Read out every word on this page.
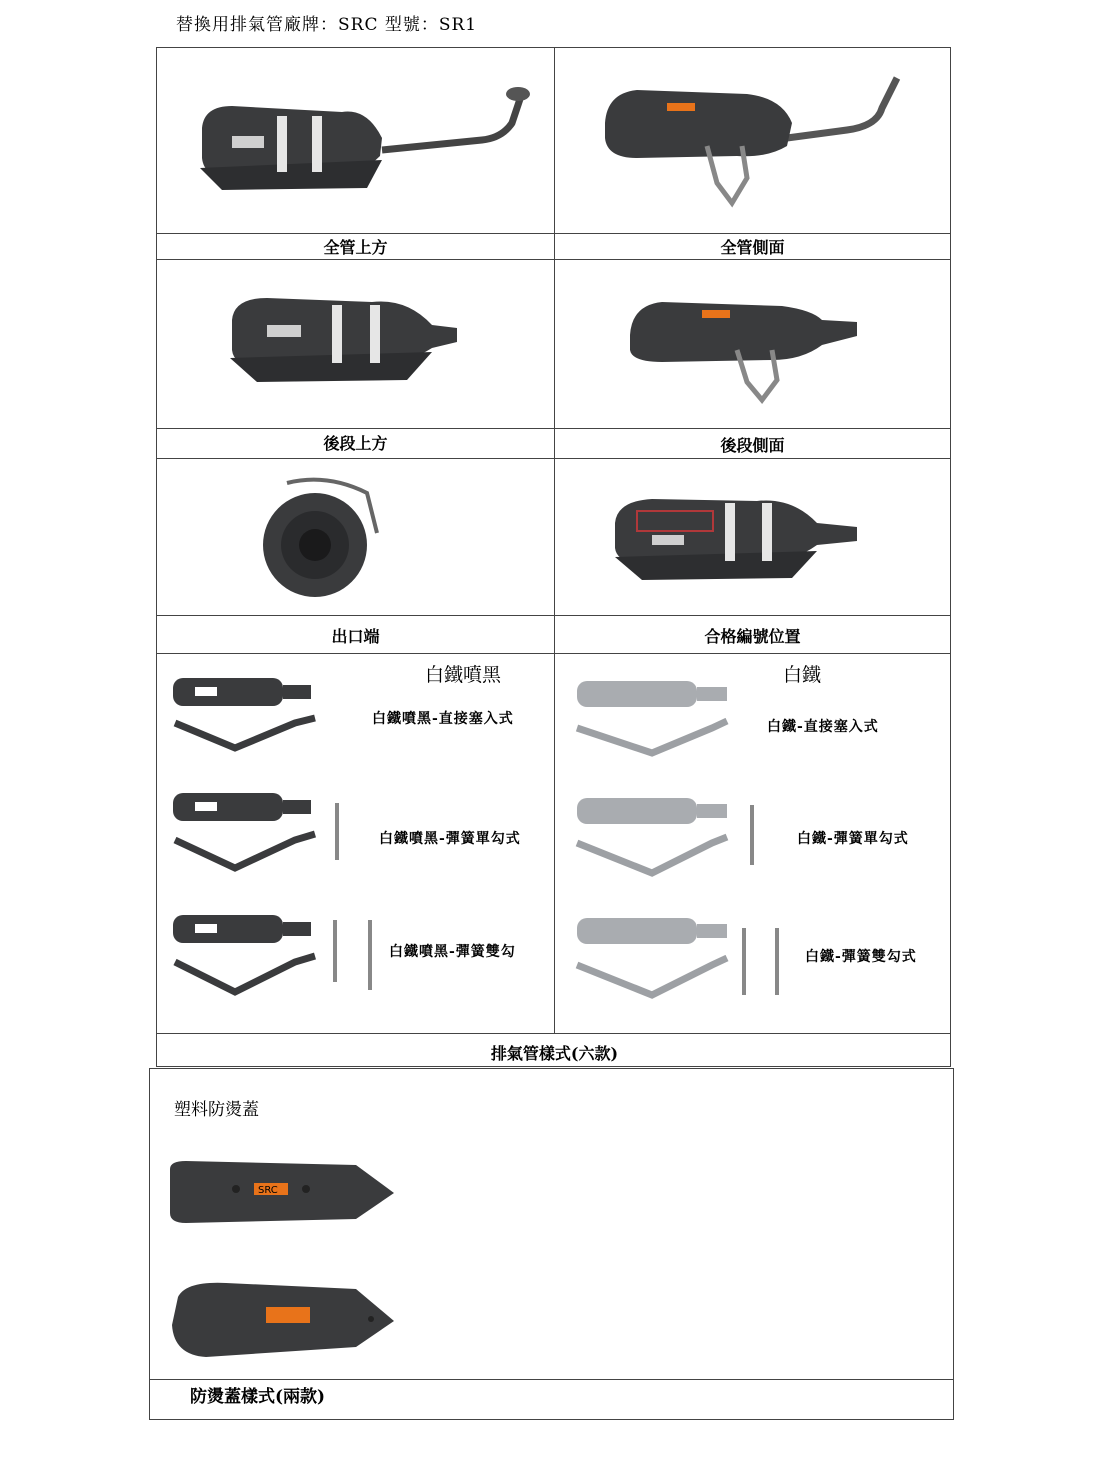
替換用排氣管廠牌：SRC 型號：SR1
全管上方	全管側面
後段上方	後段側面
出口端	合格編號位置
白鐵噴黑	白鐵
白鐵噴黑-直接塞入式
白鐵噴黑-彈簧單勾式
白鐵噴黑-彈簧雙勾
白鐵-直接塞入式
白鐵-彈簧單勾式
白鐵-彈簧雙勾式
排氣管樣式(六款)
塑料防燙蓋
SRC
防燙蓋樣式(兩款)
